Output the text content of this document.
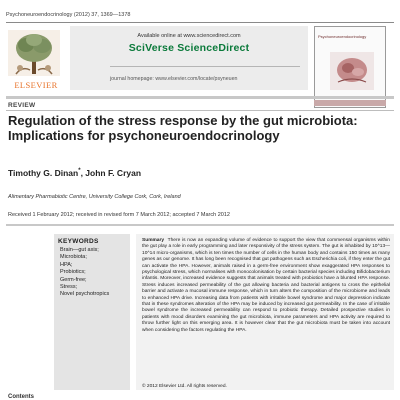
Psychoneuroendocrinology (2012) 37, 1369—1378
ELSEVIER
Available online at www.sciencedirect.com
SciVerse ScienceDirect
journal homepage: www.elsevier.com/locate/psyneuen
Psychoneuroendocrinology
REVIEW
Regulation of the stress response by the gut microbiota: Implications for psychoneuroendocrinology
Timothy G. Dinan*, John F. Cryan
Alimentary Pharmabiotic Centre, University College Cork, Cork, Ireland
Received 1 February 2012; received in revised form 7 March 2012; accepted 7 March 2012
KEYWORDS
Brain—gut axis;
Microbiota;
HPA;
Probiotics;
Germ-free;
Stress;
Novel psychotropics

Summary There is now an expanding volume of evidence to support the view that commensal organisms within the gut play a role in early programming and later responsivity of the stress system. The gut is inhabited by 10^13—10^14 micro-organisms, which is ten times the number of cells in the human body and contains 150 times as many genes as our genome. It has long been recognised that gut pathogens such as Escherichia coli, if they enter the gut can activate the HPA. However, animals raised in a germ-free environment show exaggerated HPA responses to psychological stress, which normalises with monocolonisation by certain bacterial species including Bifidobacterium infantis. Moreover, increased evidence suggests that animals treated with probiotics have a blunted HPA response. Stress induces increased permeability of the gut allowing bacteria and bacterial antigens to cross the epithelial barrier and activate a mucosal immune response, which in turn alters the composition of the microbiome and leads to enhanced HPA drive. Increasing data from patients with irritable bowel syndrome and major depression indicate that in these syndromes alteration of the HPA may be induced by increased gut permeability. In the case of irritable bowel syndrome the increased permeability can respond to probiotic therapy. Detailed prospective studies in patients with mood disorders examining the gut microbiota, immune parameters and HPA activity are required to throw further light on this emerging area. It is however clear that the gut microbiota must be taken into account when considering the factors regulating the HPA.

© 2012 Elsevier Ltd. All rights reserved.
Contents
